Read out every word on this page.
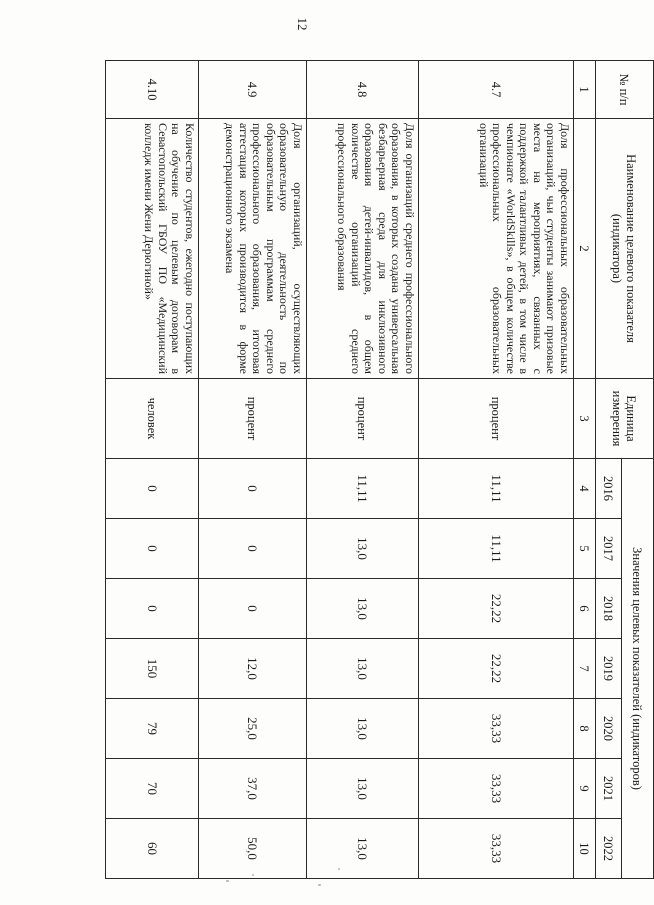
12
№ п/п	Наименование целевого показателя (индикатора)	Единица измерения	Значения целевых показателей (индикаторов)						
			2016	2017	2018	2019	2020	2021	2022
1	2	3	4	5	6	7	8	9	10
4.7	Доля профессиональных образовательных организаций, чьи студенты занимают призовые места на мероприятиях, связанных с поддержкой талантливых детей, в том числе в чемпионате «WorldSkills», в общем количестве профессиональных образовательных организаций	процент	11,11	11,11	22,22	22,22	33,33	33,33	33,33
4.8	Доля организаций среднего профессионального образования, в которых создана универсальная безбарьерная среда для инклюзивного образования детей-инвалидов, в общем количестве организаций среднего профессионального образования	процент	11,11	13,0	13,0	13,0	13,0	13,0	13,0
4.9	Доля организаций, осуществляющих образовательную деятельность по образовательным программам среднего профессионального образования, итоговая аттестация которых производится в форме демонстрационного экзамена	процент	0	0	0	12,0	25,0	37,0	50,0
4.10	Количество студентов, ежегодно поступающих на обучение по целевым договорам в Севастопольский ГБОУ ПО «Медицинский колледж имени Жени Дерюгиной»	человек	0	0	0	150	79	70	60
